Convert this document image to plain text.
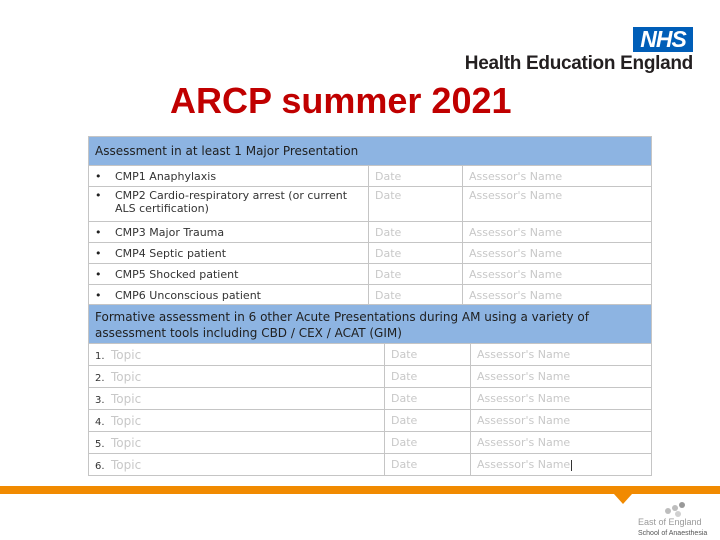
NHS
Health Education England
ARCP summer 2021
Assessment in at least 1 Major Presentation		
• CMP1 Anaphylaxis	Date	Assessor's Name
• CMP2 Cardio-respiratory arrest (or current ALS certification)	Date	Assessor's Name
• CMP3 Major Trauma	Date	Assessor's Name
• CMP4 Septic patient	Date	Assessor's Name
• CMP5 Shocked patient	Date	Assessor's Name
• CMP6 Unconscious patient	Date	Assessor's Name
Formative assessment in 6 other Acute Presentations during AM using a variety of assessment tools including CBD / CEX / ACAT (GIM)		
1. Topic	Date	Assessor's Name
2. Topic	Date	Assessor's Name
3. Topic	Date	Assessor's Name
4. Topic	Date	Assessor's Name
5. Topic	Date	Assessor's Name
6. Topic	Date	Assessor's Name
East of England
School of Anaesthesia
